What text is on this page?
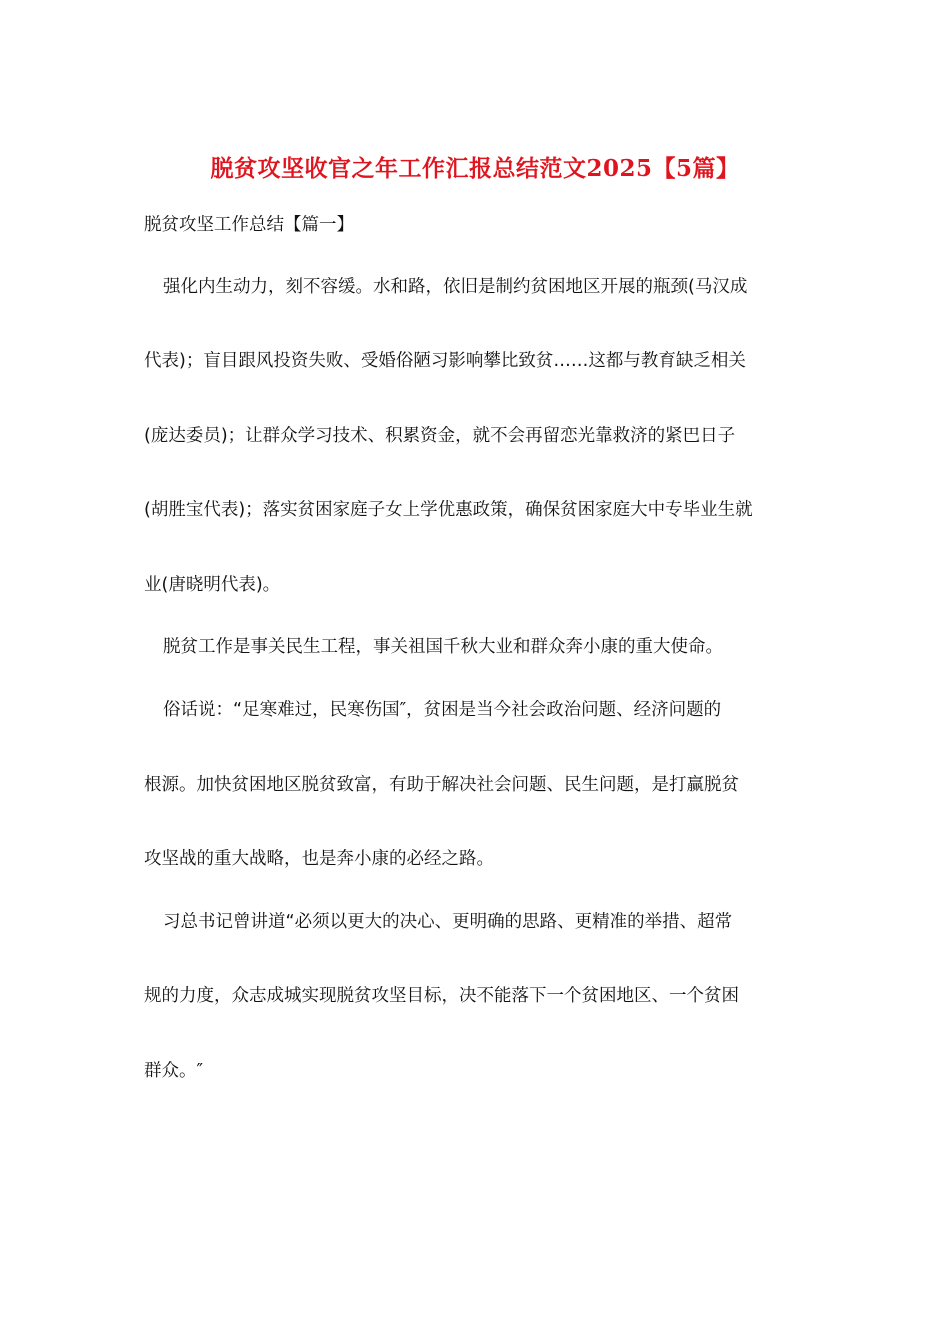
脱贫攻坚收官之年工作汇报总结范文2025【5篇】
脱贫攻坚工作总结【篇一】
强化内生动力，刻不容缓。水和路，依旧是制约贫困地区开展的瓶颈(马汉成
代表)；盲目跟风投资失败、受婚俗陋习影响攀比致贫……这都与教育缺乏相关
(庞达委员)；让群众学习技术、积累资金，就不会再留恋光靠救济的紧巴日子
(胡胜宝代表)；落实贫困家庭子女上学优惠政策，确保贫困家庭大中专毕业生就
业(唐晓明代表)。
脱贫工作是事关民生工程，事关祖国千秋大业和群众奔小康的重大使命。
俗话说：“足寒难过，民寒伤国″，贫困是当今社会政治问题、经济问题的
根源。加快贫困地区脱贫致富，有助于解决社会问题、民生问题，是打赢脱贫
攻坚战的重大战略，也是奔小康的必经之路。
习总书记曾讲道“必须以更大的决心、更明确的思路、更精准的举措、超常
规的力度，众志成城实现脱贫攻坚目标，决不能落下一个贫困地区、一个贫困
群众。″
